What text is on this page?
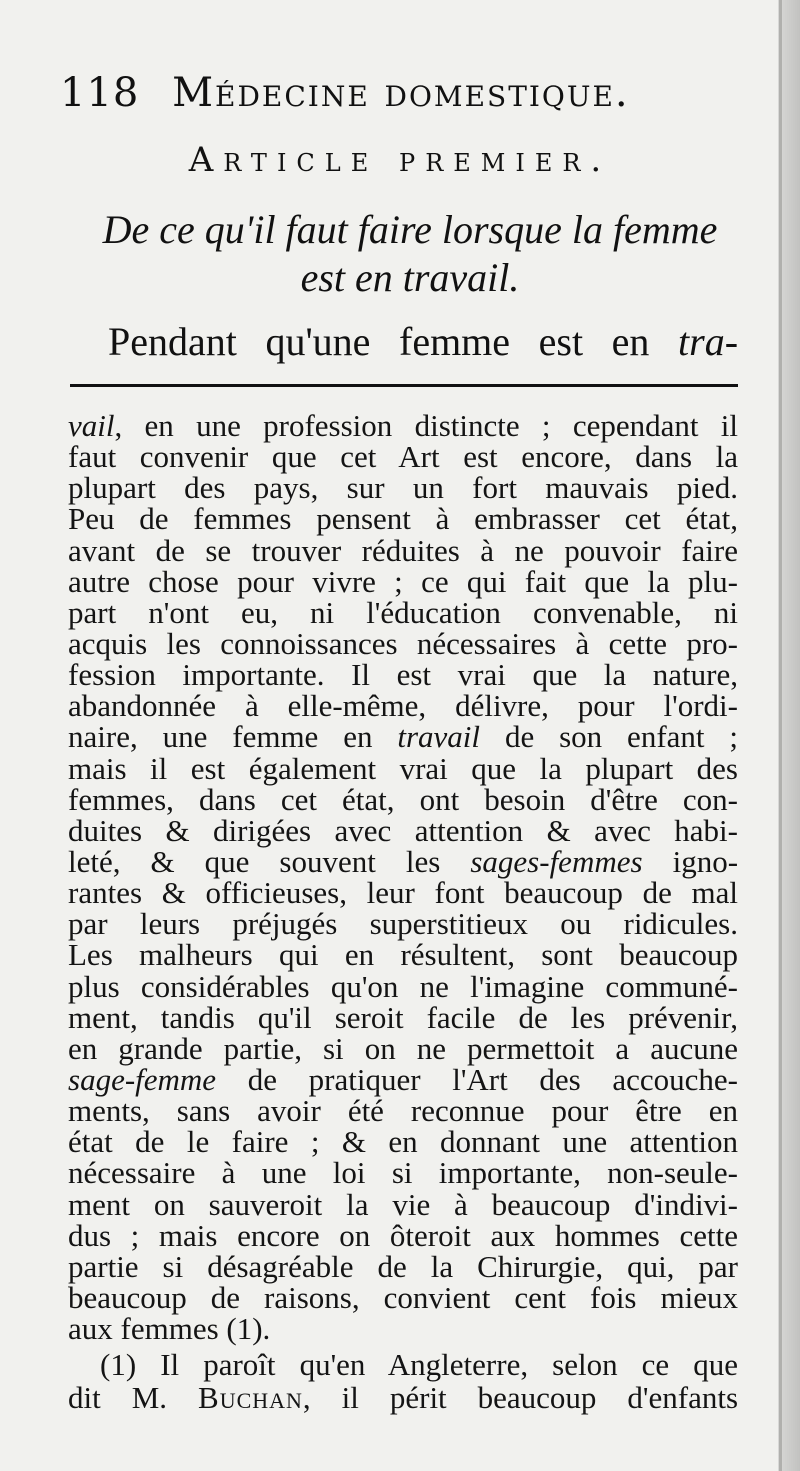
118 Médecine domestique.
Article premier.
De ce qu'il faut faire lorsque la femme
est en travail.
Pendant qu'une femme est en tra-
vail, en une profession distincte ; cependant il
faut convenir que cet Art est encore, dans la
plupart des pays, sur un fort mauvais pied.
Peu de femmes pensent à embrasser cet état,
avant de se trouver réduites à ne pouvoir faire
autre chose pour vivre ; ce qui fait que la plu-
part n'ont eu, ni l'éducation convenable, ni
acquis les connoissances nécessaires à cette pro-
fession importante. Il est vrai que la nature,
abandonnée à elle-même, délivre, pour l'ordi-
naire, une femme en travail de son enfant ;
mais il est également vrai que la plupart des
femmes, dans cet état, ont besoin d'être con-
duites & dirigées avec attention & avec habi-
leté, & que souvent les sages-femmes igno-
rantes & officieuses, leur font beaucoup de mal
par leurs préjugés superstitieux ou ridicules.
Les malheurs qui en résultent, sont beaucoup
plus considérables qu'on ne l'imagine communé-
ment, tandis qu'il seroit facile de les prévenir,
en grande partie, si on ne permettoit a aucune
sage-femme de pratiquer l'Art des accouche-
ments, sans avoir été reconnue pour être en
état de le faire ; & en donnant une attention
nécessaire à une loi si importante, non-seule-
ment on sauveroit la vie à beaucoup d'indivi-
dus ; mais encore on ôteroit aux hommes cette
partie si désagréable de la Chirurgie, qui, par
beaucoup de raisons, convient cent fois mieux
aux femmes (1).
(1) Il paroît qu'en Angleterre, selon ce que
dit M. Buchan, il périt beaucoup d'enfants
